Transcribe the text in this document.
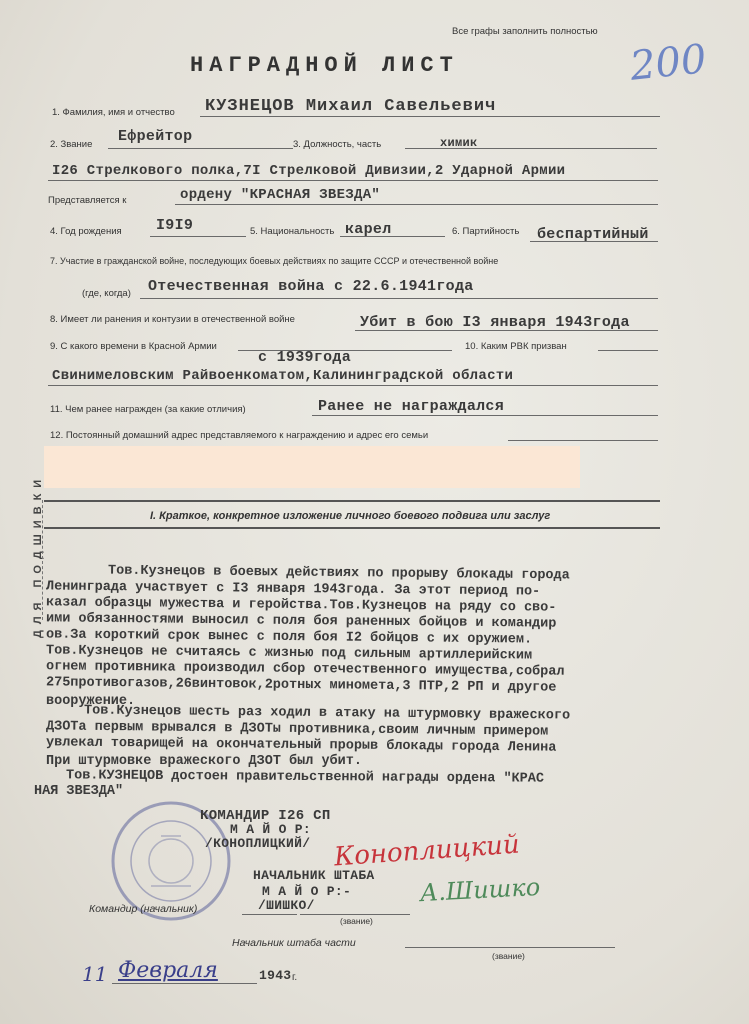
Все графы заполнить полностью
НАГРАДНОЙ ЛИСТ	200
1. Фамилия, имя и отчество КУЗНЕЦОВ Михаил Савельевич
2. Звание Ефрейтор	3. Должность, часть	химик
I26 Стрелкового полка,7I Стрелковой Дивизии,2 Ударной Армии
Представляется к	ордену "КРАСНАЯ ЗВЕЗДА"
4. Год рождения I9I9	5. Национальность карел	6. Партийность беспартийный
7. Участие в гражданской войне, последующих боевых действиях по защите СССР и отечественной войне
(где, когда) Отечественная война с 22.6.1941года
8. Имеет ли ранения и контузии в отечественной войне	Убит в бою I3 января 1943года
9. С какого времени в Красной Армии
с 1939года
10. Каким РВК призван
Свинимеловским Райвоенкоматом,Калининградской области
11. Чем ранее награжден (за какие отличия)	Ранее не награждался
12. Постоянный домашний адрес представляемого к награждению и адрес его семьи
I. Краткое, конкретное изложение личного боевого подвига или заслуг
ДЛЯ ПОДШИВКИ	Тов.Кузнецов в боевых действиях по прорыву блокады города
Ленинграда участвует с I3 января 1943года. За этот период по-
казал образцы мужества и геройства.Тов.Кузнецов на ряду со сво-
ими обязанностями выносил с поля боя раненных бойцов и командир
ов.За короткий срок вынес с поля боя I2 бойцов с их оружием.
Тов.Кузнецов не считаясь с жизнью под сильным артиллерийским
огнем противника производил сбор отечественного имущества,собрал
275противогазов,26винтовок,2ротных миномета,3 ПТР,2 РП и другое
вооружение.
Тов.Кузнецов шесть раз ходил в атаку на штурмовку вражеского
ДЗОТа первым врывался в ДЗОТы противника,своим личным примером
увлекал товарищей на окончательный прорыв блокады города Ленина
При штурмовке вражеского ДЗОТ был убит.
Тов.КУЗНЕЦОВ достоен правительственной награды ордена "КРАС
НАЯ ЗВЕЗДА"
КОМАНДИР I26 СП
М А Й О Р:
/КОНОПЛИЦКИЙ/ Коноплицкий
НАЧАЛЬНИК ШТАБА
М А Й О Р:-
/ШИШКО/	А.Шишко
Командир (начальник)
(звание)
Начальник штаба части
(звание)
11 Февраля	1943 г.
